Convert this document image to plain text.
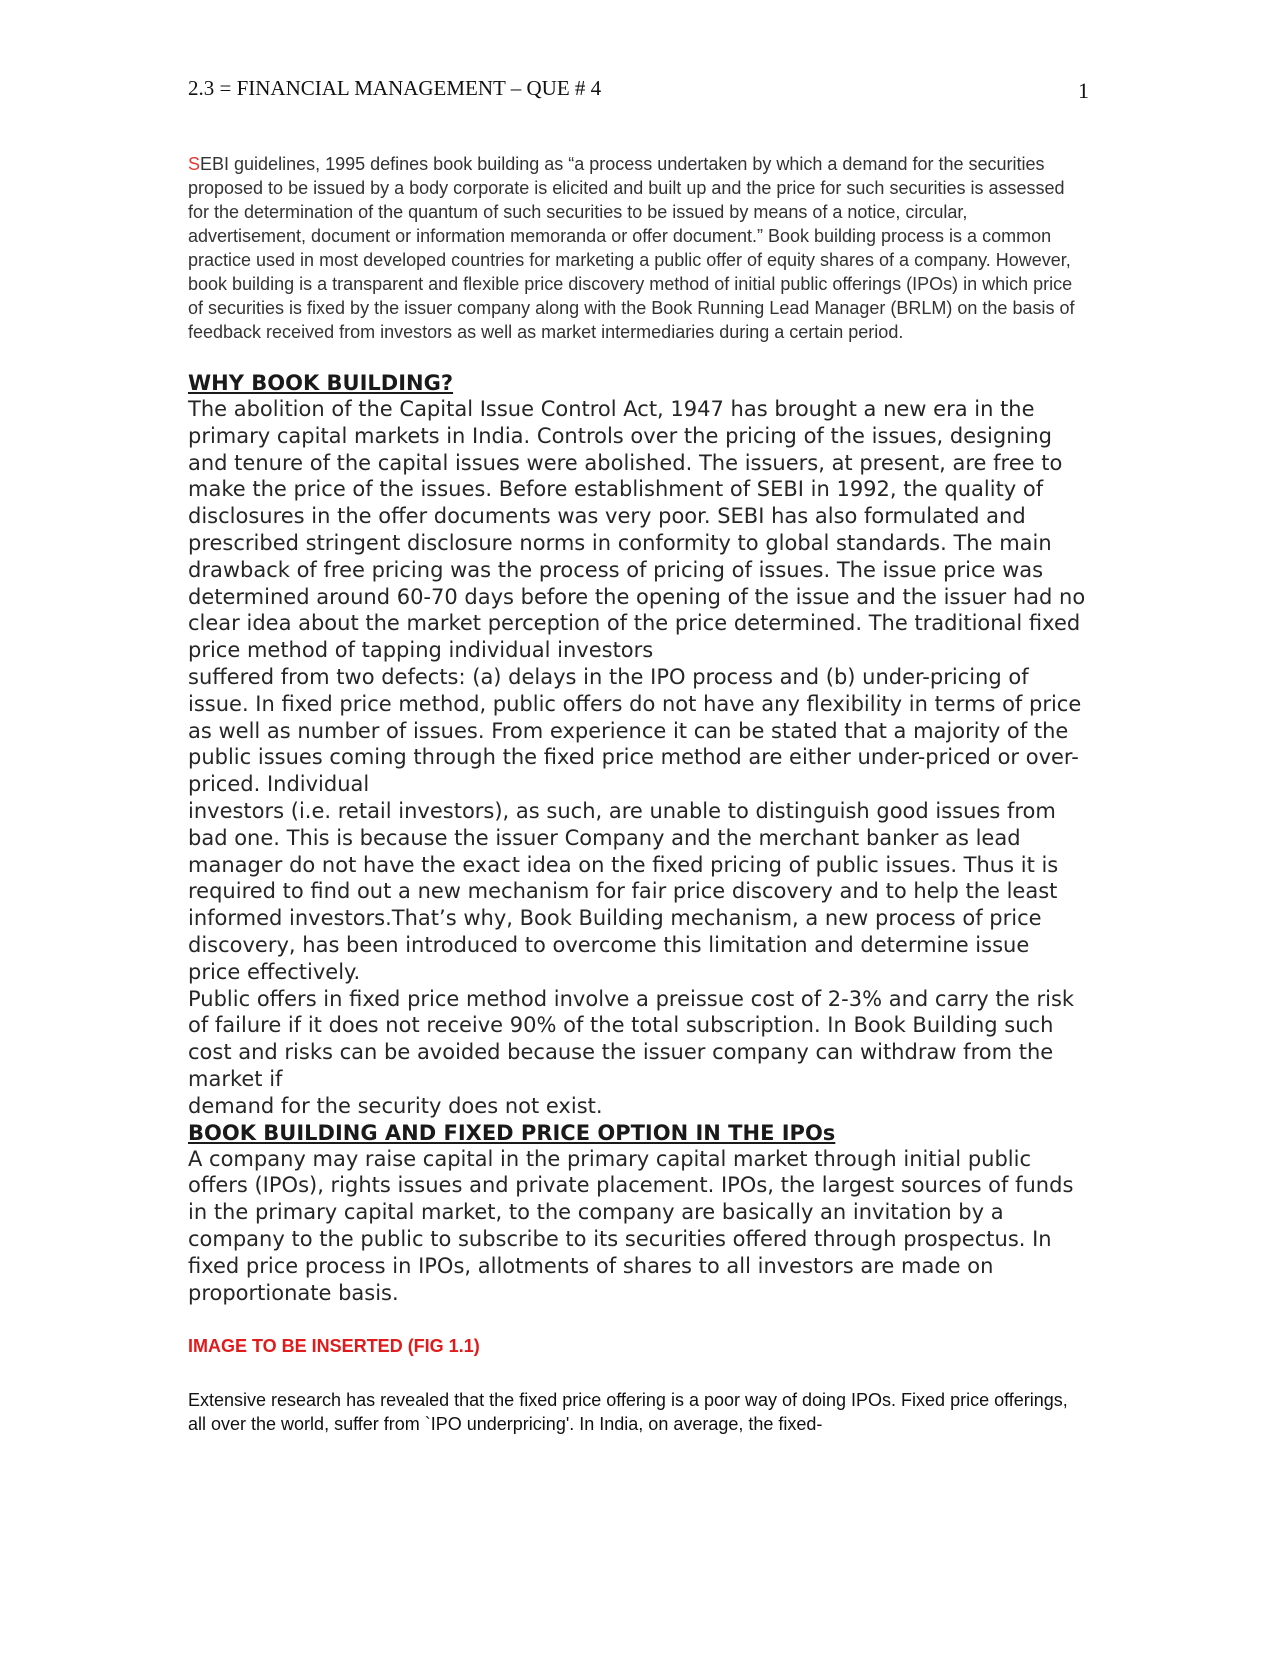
2.3 = FINANCIAL MANAGEMENT – QUE # 4	1

SEBI guidelines, 1995 defines book building as “a process undertaken by which a demand for the securities proposed to be issued by a body corporate is elicited and built up and the price for such securities is assessed for the determination of the quantum of such securities to be issued by means of a notice, circular, advertisement, document or information memoranda or offer document.” Book building process is a common practice used in most developed countries for marketing a public offer of equity shares of a company. However, book building is a transparent and flexible price discovery method of initial public offerings (IPOs) in which price of securities is fixed by the issuer company along with the Book Running Lead Manager (BRLM) on the basis of feedback received from investors as well as market intermediaries during a certain period.

WHY BOOK BUILDING?

The abolition of the Capital Issue Control Act, 1947 has brought a new era in the primary capital markets in India. Controls over the pricing of the issues, designing and tenure of the capital issues were abolished. The issuers, at present, are free to make the price of the issues. Before establishment of SEBI in 1992, the quality of disclosures in the offer documents was very poor. SEBI has also formulated and prescribed stringent disclosure norms in conformity to global standards. The main drawback of free pricing was the process of pricing of issues. The issue price was determined around 60-70 days before the opening of the issue and the issuer had no clear idea about the market perception of the price determined. The traditional fixed price method of tapping individual investors

suffered from two defects: (a) delays in the IPO process and (b) under-pricing of issue. In fixed price method, public offers do not have any flexibility in terms of price as well as number of issues. From experience it can be stated that a majority of the public issues coming through the fixed price method are either under-priced or over-priced. Individual

investors (i.e. retail investors), as such, are unable to distinguish good issues from bad one. This is because the issuer Company and the merchant banker as lead manager do not have the exact idea on the fixed pricing of public issues. Thus it is required to find out a new mechanism for fair price discovery and to help the least informed investors.That’s why, Book Building mechanism, a new process of price discovery, has been introduced to overcome this limitation and determine issue price effectively.

Public offers in fixed price method involve a preissue cost of 2-3% and carry the risk of failure if it does not receive 90% of the total subscription. In Book Building such cost and risks can be avoided because the issuer company can withdraw from the market if

demand for the security does not exist.

BOOK BUILDING AND FIXED PRICE OPTION IN THE IPOs

A company may raise capital in the primary capital market through initial public offers (IPOs), rights issues and private placement. IPOs, the largest sources of funds in the primary capital market, to the company are basically an invitation by a company to the public to subscribe to its securities offered through prospectus. In fixed price process in IPOs, allotments of shares to all investors are made on proportionate basis.

IMAGE TO BE INSERTED (FIG 1.1)

Extensive research has revealed that the fixed price offering is a poor way of doing IPOs. Fixed price offerings, all over the world, suffer from `IPO underpricing'. In India, on average, the fixed-
